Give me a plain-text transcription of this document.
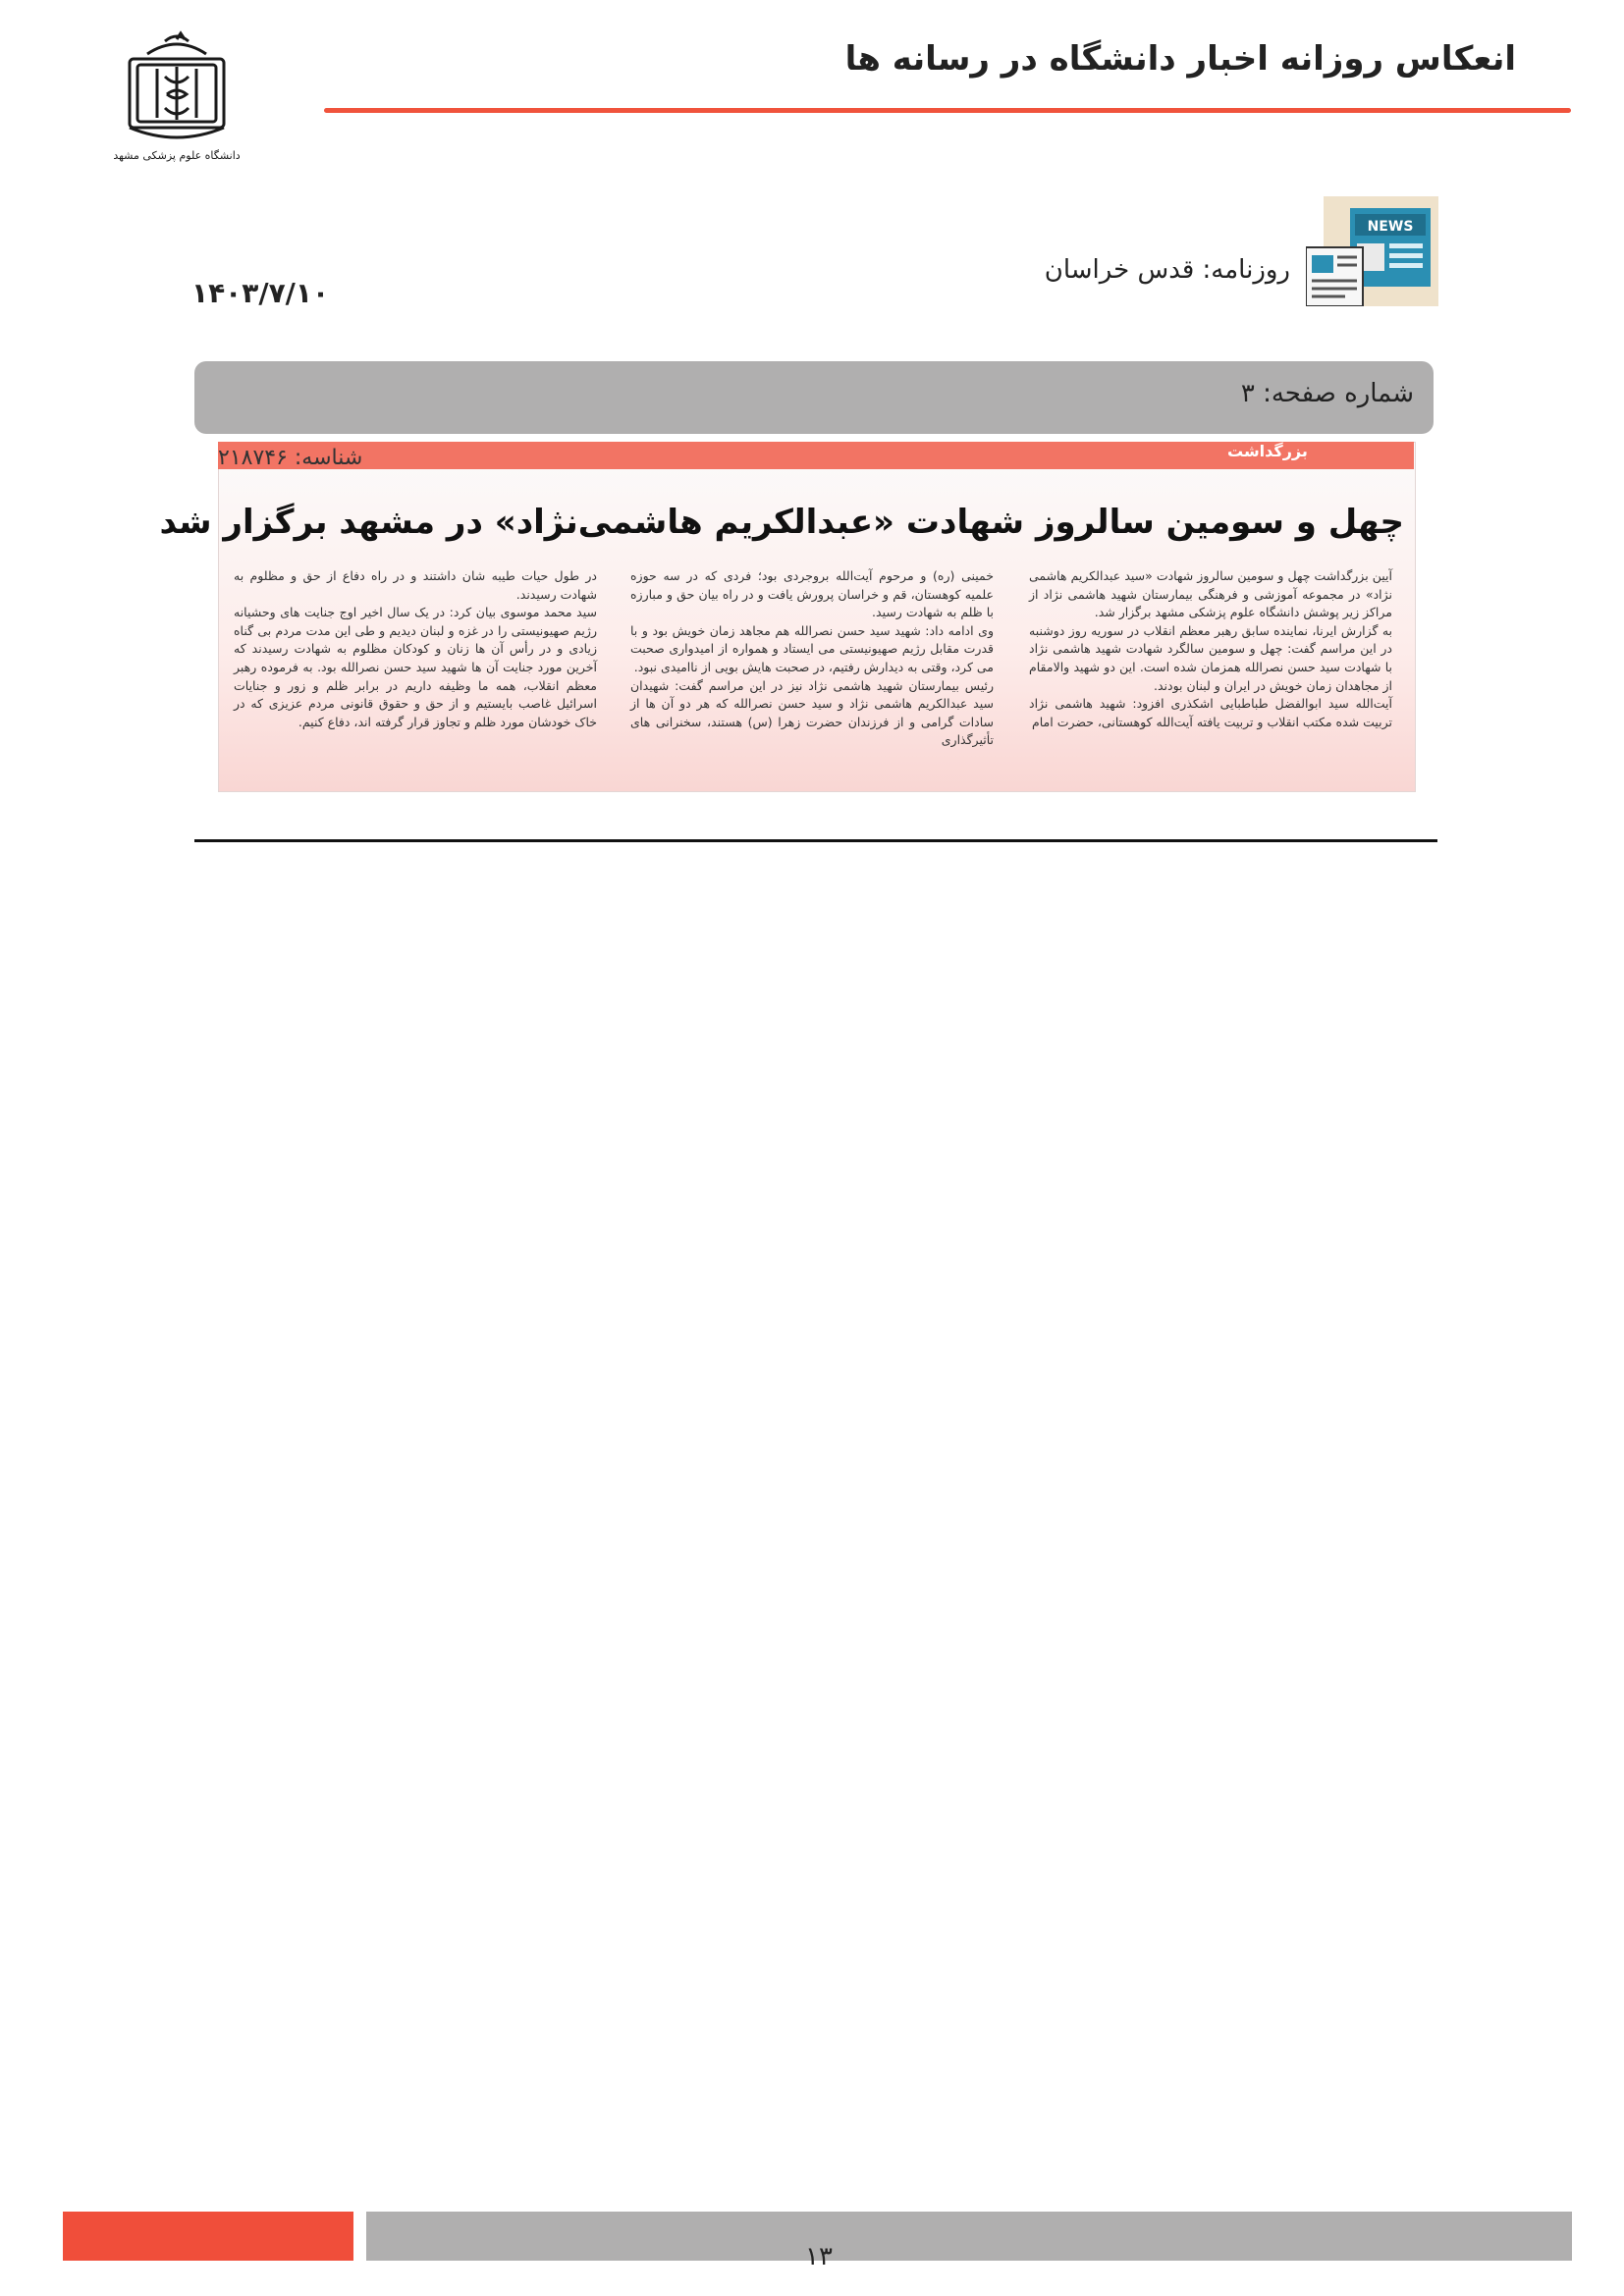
انعکاس روزانه اخبار دانشگاه در رسانه ها
دانشگاه علوم پزشکی مشهد
NEWS
روزنامه: قدس خراسان
۱۴۰۳/۷/۱۰
شماره صفحه: ۳
بزرگداشت
شناسه: ۲۱۸۷۴۶
چهل و سومین سالروز شهادت «عبدالکریم هاشمی‌نژاد» در مشهد برگزار شد

آیین بزرگداشت چهل و سومین سالروز شهادت «سید عبدالکریم هاشمی نژاد» در مجموعه آموزشی و فرهنگی بیمارستان شهید هاشمی نژاد از مراکز زیر پوشش دانشگاه علوم پزشکی مشهد برگزار شد.

به گزارش ایرنا، نماینده سابق رهبر معظم انقلاب در سوریه روز دوشنبه در این مراسم گفت: چهل و سومین سالگرد شهادت شهید هاشمی نژاد با شهادت سید حسن نصرالله همزمان شده است. این دو شهید والامقام از مجاهدان زمان خویش در ایران و لبنان بودند.

آیت‌الله سید ابوالفضل طباطبایی اشکذری افزود: شهید هاشمی نژاد تربیت شده مکتب انقلاب و تربیت یافته آیت‌الله کوهستانی، حضرت امام

خمینی (ره) و مرحوم آیت‌الله بروجردی بود؛ فردی که در سه حوزه علمیه کوهستان، قم و خراسان پرورش یافت و در راه بیان حق و مبارزه با ظلم به شهادت رسید.

وی ادامه داد: شهید سید حسن نصرالله هم مجاهد زمان خویش بود و با قدرت مقابل رژیم صهیونیستی می ایستاد و همواره از امیدواری صحبت می کرد، وقتی به دیدارش رفتیم، در صحبت هایش بویی از ناامیدی نبود.

رئیس بیمارستان شهید هاشمی نژاد نیز در این مراسم گفت: شهیدان سید عبدالکریم هاشمی نژاد و سید حسن نصرالله که هر دو آن ها از سادات گرامی و از فرزندان حضرت زهرا (س) هستند، سخنرانی های تأثیرگذاری

در طول حیات طیبه شان داشتند و در راه دفاع از حق و مظلوم به شهادت رسیدند.

سید محمد موسوی بیان کرد: در یک سال اخیر اوج جنایت های وحشیانه رژیم صهیونیستی را در غزه و لبنان دیدیم و طی این مدت مردم بی گناه زیادی و در رأس آن ها زنان و کودکان مظلوم به شهادت رسیدند که آخرین مورد جنایت آن ها شهید سید حسن نصرالله بود. به فرموده رهبر معظم انقلاب، همه ما وظیفه داریم در برابر ظلم و زور و جنایات اسرائیل غاصب بایستیم و از حق و حقوق قانونی مردم عزیزی که در خاک خودشان مورد ظلم و تجاوز قرار گرفته اند، دفاع کنیم.

۱۳
